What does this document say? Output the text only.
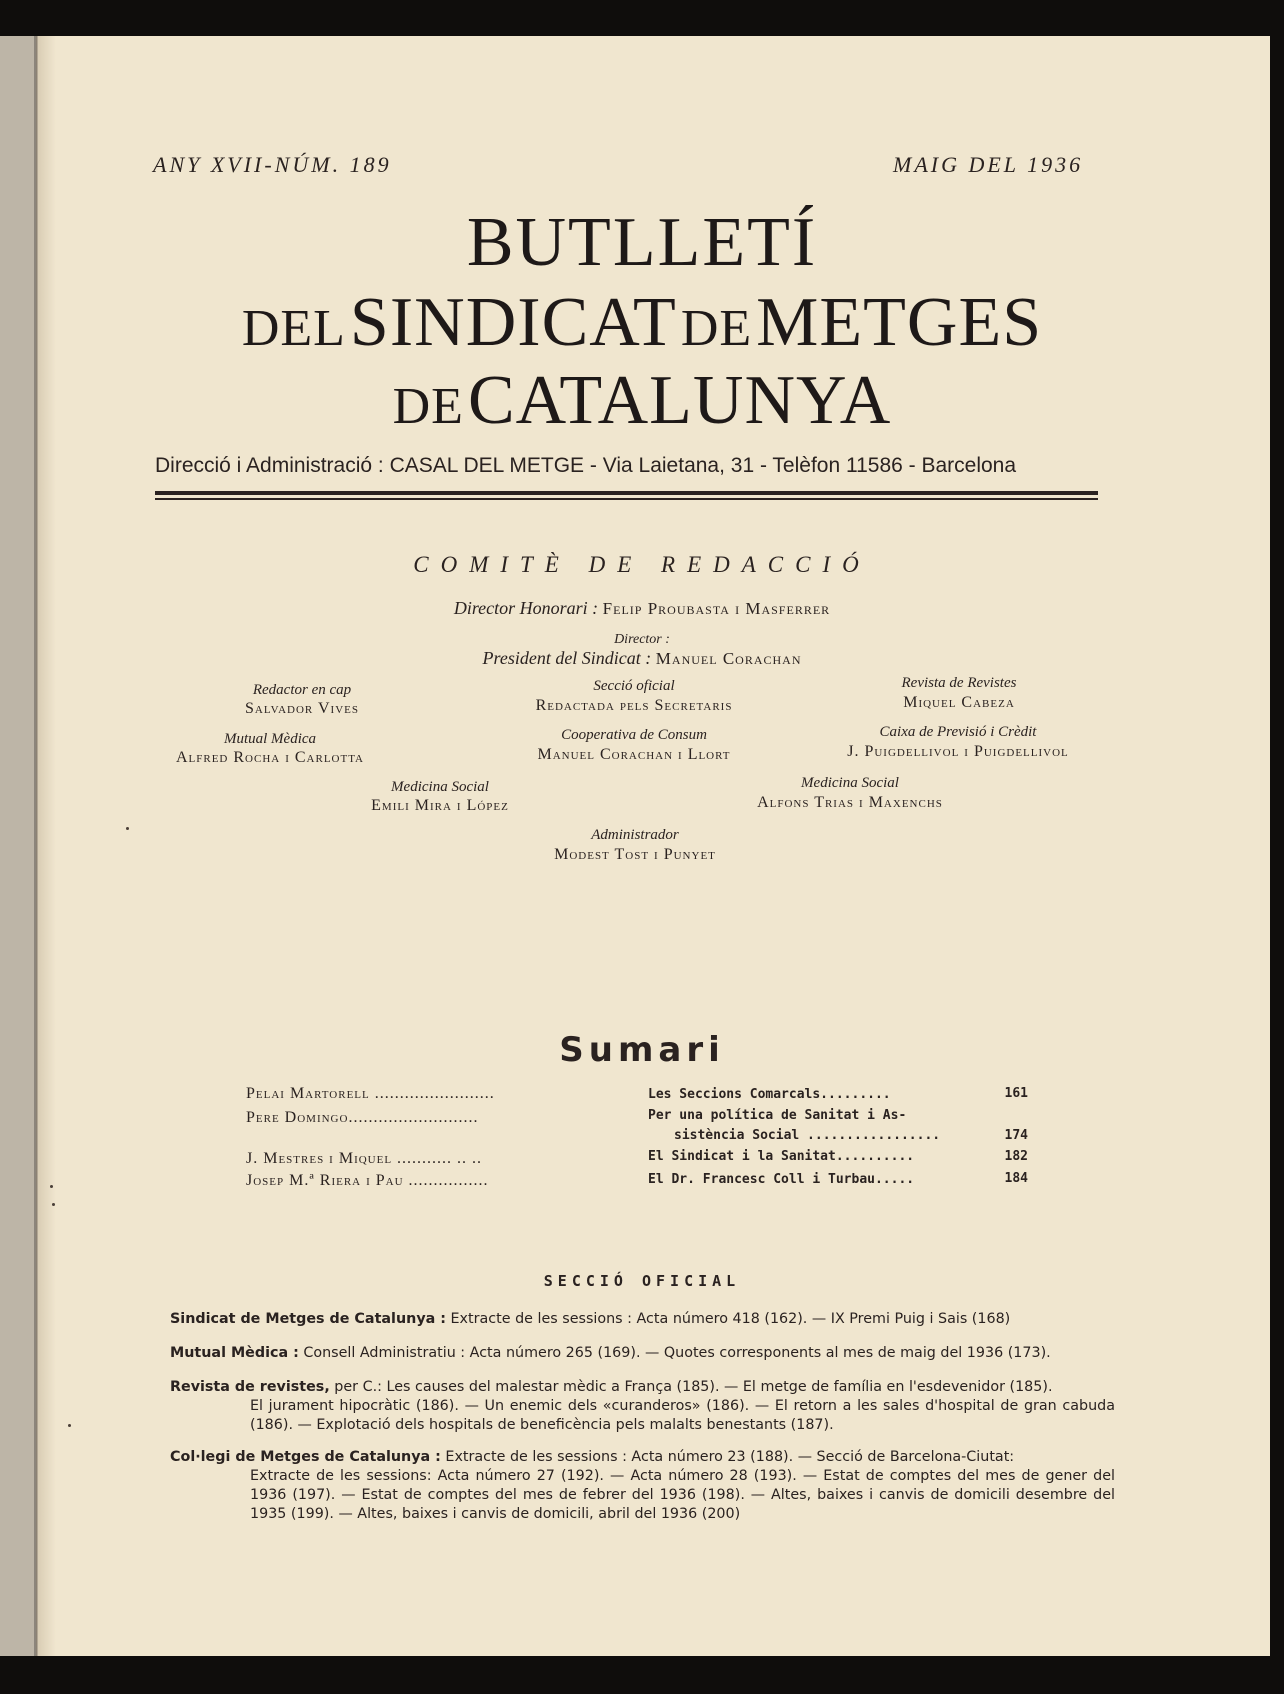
ANY XVII-NÚM. 189	MAIG DEL 1936
BUTLLETÍ
DEL SINDICAT DE METGES
DE CATALUNYA
Direcció i Administració : CASAL DEL METGE - Via Laietana, 31 - Telèfon 11586 - Barcelona
COMITÈ DE REDACCIÓ
Director Honorari : Felip Proubasta i Masferrer
Director :
President del Sindicat : Manuel Corachan
Redactor en cap
Salvador Vives
Secció oficial
Redactada pels Secretaris
Revista de Revistes
Miquel Cabeza
Mutual Mèdica
Alfred Rocha i Carlotta
Cooperativa de Consum
Manuel Corachan i Llort
Caixa de Previsió i Crèdit
J. Puigdellivol i Puigdellivol
Medicina Social
Emili Mira i López
Medicina Social
Alfons Trias i Maxenchs
Administrador
Modest Tost i Punyet
Sumari
Pelai Martorell ........................	Les Seccions Comarcals.........	161
Pere Domingo..........................	Per una política de Sanitat i As-
sistència Social .................	174
J. Mestres i Miquel ........... .. ..	El Sindicat i la Sanitat..........	182
Josep M.ª Riera i Pau ................	El Dr. Francesc Coll i Turbau.....	184
SECCIÓ OFICIAL
Sindicat de Metges de Catalunya : Extracte de les sessions : Acta número 418 (162). — IX Premi Puig i Sais (168)
Mutual Mèdica : Consell Administratiu : Acta número 265 (169). — Quotes corresponents al mes de maig del 1936 (173).
Revista de revistes, per C.: Les causes del malestar mèdic a França (185). — El metge de família en l'esdevenidor (185).
El jurament hipocràtic (186). — Un enemic dels «curanderos» (186). — El retorn a les sales d'hospital de gran cabuda (186). — Explotació dels hospitals de beneficència pels malalts benestants (187).
Col·legi de Metges de Catalunya : Extracte de les sessions : Acta número 23 (188). — Secció de Barcelona-Ciutat:
Extracte de les sessions: Acta número 27 (192). — Acta número 28 (193). — Estat de comptes del mes de gener del 1936 (197). — Estat de comptes del mes de febrer del 1936 (198). — Altes, baixes i canvis de domicili desembre del 1935 (199). — Altes, baixes i canvis de domicili, abril del 1936 (200)
